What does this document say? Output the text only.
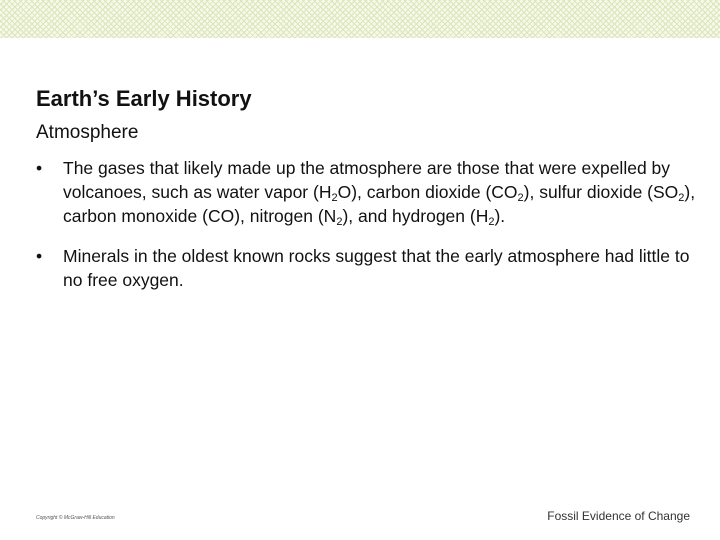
Earth’s Early History
Atmosphere
• The gases that likely made up the atmosphere are those that were expelled by volcanoes, such as water vapor $(H_2O)$, carbon dioxide $(CO_2)$, sulfur dioxide $(SO_2)$, carbon monoxide (CO), nitrogen $(N_2)$, and hydrogen $(H_2)$.
• Minerals in the oldest known rocks suggest that the early atmosphere had little to no free oxygen.
Copyright © McGraw-Hill Education	Fossil Evidence of Change
